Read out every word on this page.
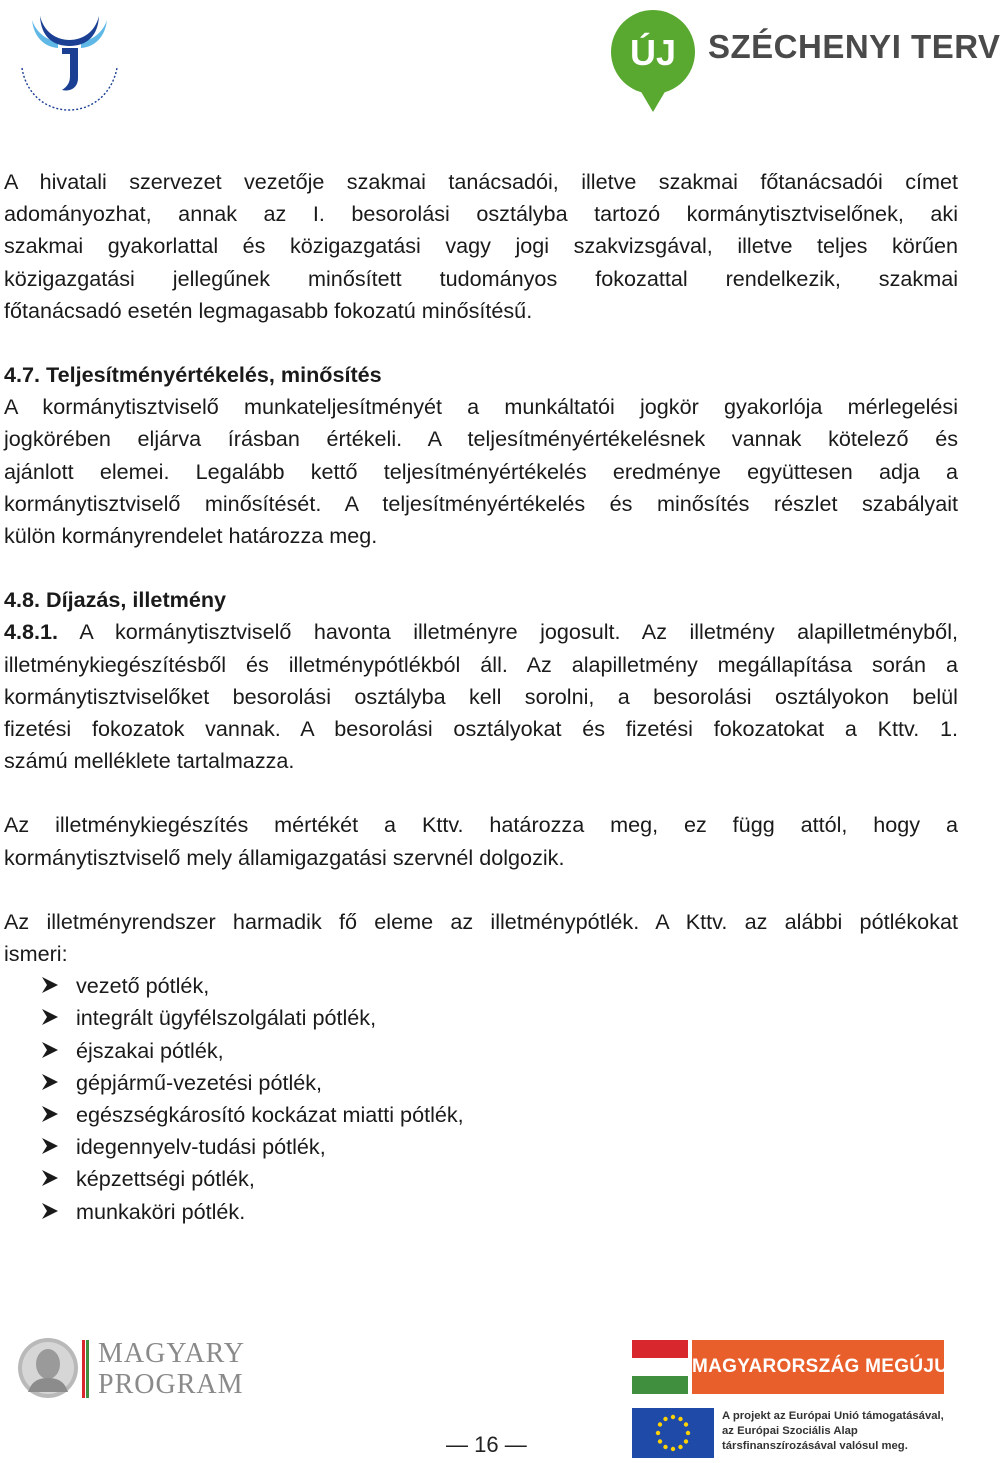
ÚJ SZÉCHENYI TERV

A hivatali szervezet vezetője szakmai tanácsadói, illetve szakmai főtanácsadói címet

adományozhat, annak az I. besorolási osztályba tartozó kormánytisztviselőnek, aki

szakmai gyakorlattal és közigazgatási vagy jogi szakvizsgával, illetve teljes körűen

közigazgatási jellegűnek minősített tudományos fokozattal rendelkezik, szakmai

főtanácsadó esetén legmagasabb fokozatú minősítésű.

4.7. Teljesítményértékelés, minősítés

A kormánytisztviselő munkateljesítményét a munkáltatói jogkör gyakorlója mérlegelési

jogkörében eljárva írásban értékeli. A teljesítményértékelésnek vannak kötelező és

ajánlott elemei. Legalább kettő teljesítményértékelés eredménye együttesen adja a

kormánytisztviselő minősítését. A teljesítményértékelés és minősítés részlet szabályait

külön kormányrendelet határozza meg.

4.8. Díjazás, illetmény

4.8.1. A kormánytisztviselő havonta illetményre jogosult. Az illetmény alapilletményből,

illetménykiegészítésből és illetménypótlékból áll. Az alapilletmény megállapítása során a

kormánytisztviselőket besorolási osztályba kell sorolni, a besorolási osztályokon belül

fizetési fokozatok vannak. A besorolási osztályokat és fizetési fokozatokat a Kttv. 1.

számú melléklete tartalmazza.

Az illetménykiegészítés mértékét a Kttv. határozza meg, ez függ attól, hogy a

kormánytisztviselő mely államigazgatási szervnél dolgozik.

Az illetményrendszer harmadik fő eleme az illetménypótlék. A Kttv. az alábbi pótlékokat

ismeri:

vezető pótlék,
integrált ügyfélszolgálati pótlék,
éjszakai pótlék,
gépjármű-vezetési pótlék,
egészségkárosító kockázat miatti pótlék,
idegennyelv-tudási pótlék,
képzettségi pótlék,
munkaköri pótlék.
MAGYARY
PROGRAM
— 16 —
MAGYARORSZÁG MEGÚJUL
A projekt az Európai Unió támogatásával,
az Európai Szociális Alap
társfinanszírozásával valósul meg.
